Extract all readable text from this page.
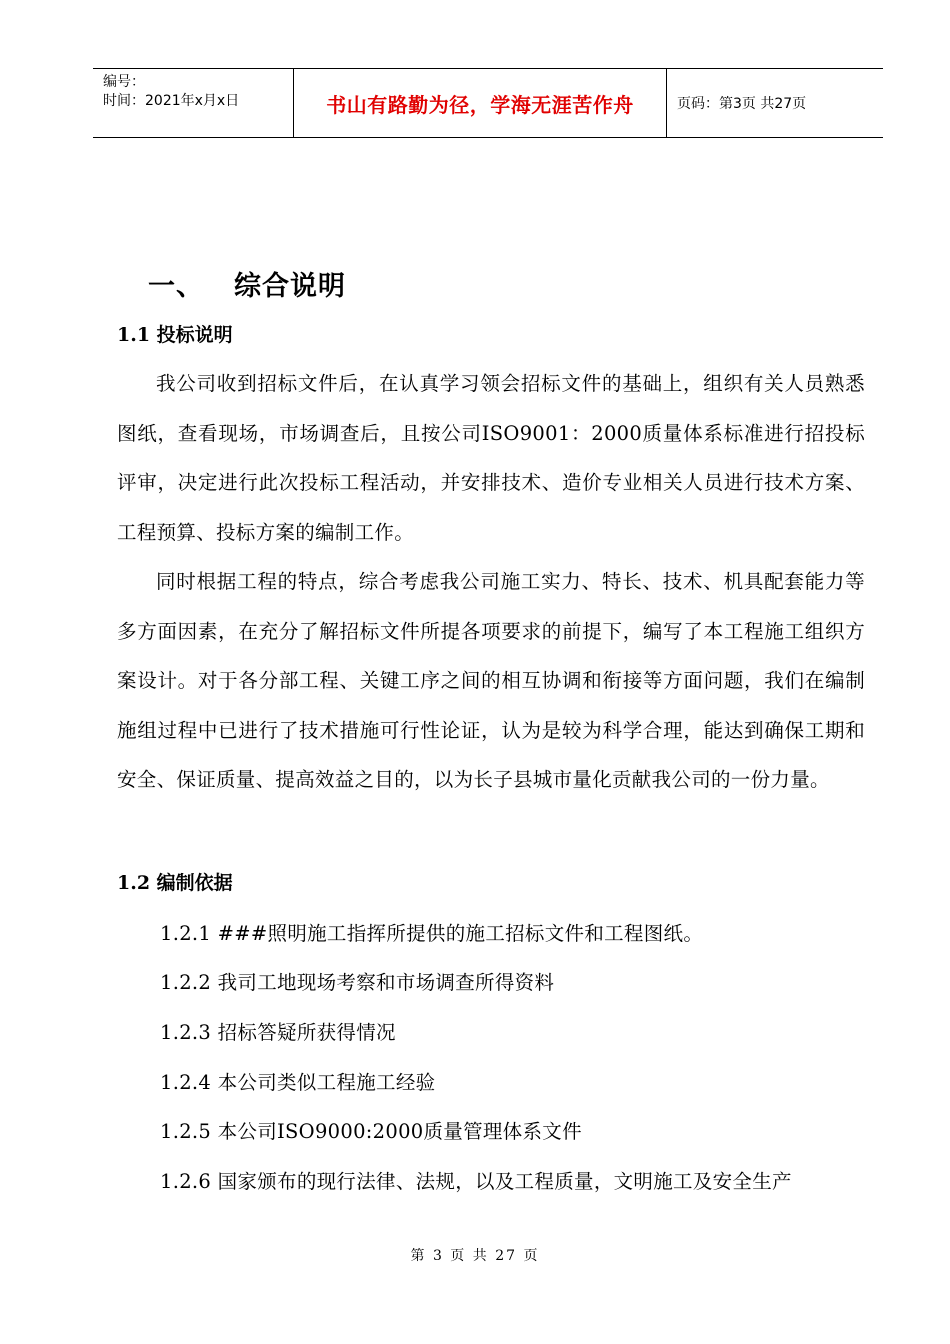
编号：
时间：2021年x月x日	书山有路勤为径，学海无涯苦作舟	页码：第3页 共27页
一、 综合说明
1.1 投标说明
我公司收到招标文件后，在认真学习领会招标文件的基础上，组织有关人员熟悉图纸，查看现场，市场调查后，且按公司ISO9001：2000质量体系标准进行招投标评审，决定进行此次投标工程活动，并安排技术、造价专业相关人员进行技术方案、工程预算、投标方案的编制工作。
同时根据工程的特点，综合考虑我公司施工实力、特长、技术、机具配套能力等多方面因素，在充分了解招标文件所提各项要求的前提下，编写了本工程施工组织方案设计。对于各分部工程、关键工序之间的相互协调和衔接等方面问题，我们在编制施组过程中已进行了技术措施可行性论证，认为是较为科学合理，能达到确保工期和安全、保证质量、提高效益之目的，以为长子县城市量化贡献我公司的一份力量。
1.2 编制依据
1.2.1 ###照明施工指挥所提供的施工招标文件和工程图纸。
1.2.2 我司工地现场考察和市场调查所得资料
1.2.3 招标答疑所获得情况
1.2.4 本公司类似工程施工经验
1.2.5 本公司ISO9000:2000质量管理体系文件
1.2.6 国家颁布的现行法律、法规，以及工程质量，文明施工及安全生产
第 3 页 共 27 页
